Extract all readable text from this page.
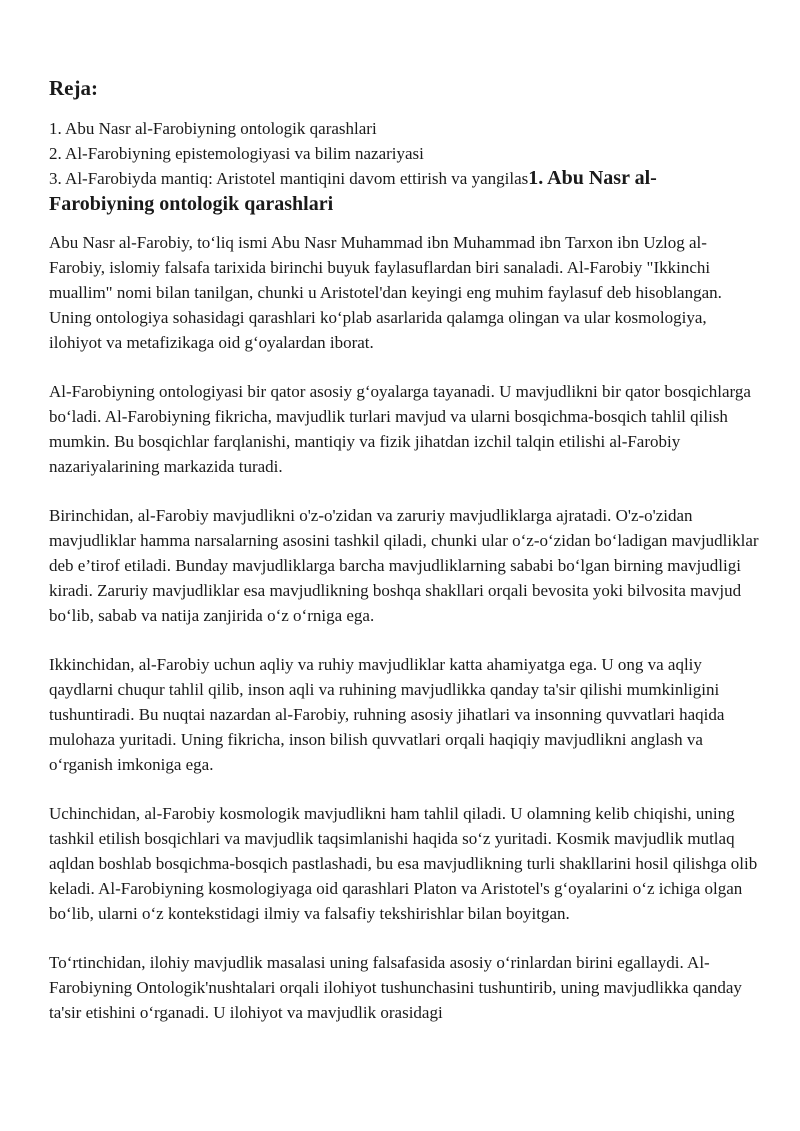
Reja:
1. Abu Nasr al-Farobiyning ontologik qarashlari
2. Al-Farobiyning epistemologiyasi va bilim nazariyasi
3. Al-Farobiyda mantiq: Aristotel mantiqini davom ettirish va yangilas1. Abu Nasr al-
Farobiyning ontologik qarashlari

Abu Nasr al-Farobiy, to‘liq ismi Abu Nasr Muhammad ibn Muhammad ibn Tarxon ibn Uzlog al-Farobiy, islomiy falsafa tarixida birinchi buyuk faylasuflardan biri sanaladi. Al-Farobiy "Ikkinchi muallim" nomi bilan tanilgan, chunki u Aristotel'dan keyingi eng muhim faylasuf deb hisoblangan. Uning ontologiya sohasidagi qarashlari ko‘plab asarlarida qalamga olingan va ular kosmologiya, ilohiyot va metafizikaga oid g‘oyalardan iborat.

Al-Farobiyning ontologiyasi bir qator asosiy g‘oyalarga tayanadi. U mavjudlikni bir qator bosqichlarga bo‘ladi. Al-Farobiyning fikricha, mavjudlik turlari mavjud va ularni bosqichma-bosqich tahlil qilish mumkin. Bu bosqichlar farqlanishi, mantiqiy va fizik jihatdan izchil talqin etilishi al-Farobiy nazariyalarining markazida turadi.

Birinchidan, al-Farobiy mavjudlikni o'z-o'zidan va zaruriy mavjudliklarga ajratadi. O'z-o'zidan mavjudliklar hamma narsalarning asosini tashkil qiladi, chunki ular o‘z-o‘zidan bo‘ladigan mavjudliklar deb e’tirof etiladi. Bunday mavjudliklarga barcha mavjudliklarning sababi bo‘lgan birning mavjudligi kiradi. Zaruriy mavjudliklar esa mavjudlikning boshqa shakllari orqali bevosita yoki bilvosita mavjud bo‘lib, sabab va natija zanjirida o‘z o‘rniga ega.

Ikkinchidan, al-Farobiy uchun aqliy va ruhiy mavjudliklar katta ahamiyatga ega. U ong va aqliy qaydlarni chuqur tahlil qilib, inson aqli va ruhining mavjudlikka qanday ta'sir qilishi mumkinligini tushuntiradi. Bu nuqtai nazardan al-Farobiy, ruhning asosiy jihatlari va insonning quvvatlari haqida mulohaza yuritadi. Uning fikricha, inson bilish quvvatlari orqali haqiqiy mavjudlikni anglash va o‘rganish imkoniga ega.

Uchinchidan, al-Farobiy kosmologik mavjudlikni ham tahlil qiladi. U olamning kelib chiqishi, uning tashkil etilish bosqichlari va mavjudlik taqsimlanishi haqida so‘z yuritadi. Kosmik mavjudlik mutlaq aqldan boshlab bosqichma-bosqich pastlashadi, bu esa mavjudlikning turli shakllarini hosil qilishga olib keladi. Al-Farobiyning kosmologiyaga oid qarashlari Platon va Aristotel's g‘oyalarini o‘z ichiga olgan bo‘lib, ularni o‘z kontekstidagi ilmiy va falsafiy tekshirishlar bilan boyitgan.

To‘rtinchidan, ilohiy mavjudlik masalasi uning falsafasida asosiy o‘rinlardan birini egallaydi. Al-Farobiyning Ontologik'nushtalari orqali ilohiyot tushunchasini tushuntirib, uning mavjudlikka qanday ta'sir etishini o‘rganadi. U ilohiyot va mavjudlik orasidagi
